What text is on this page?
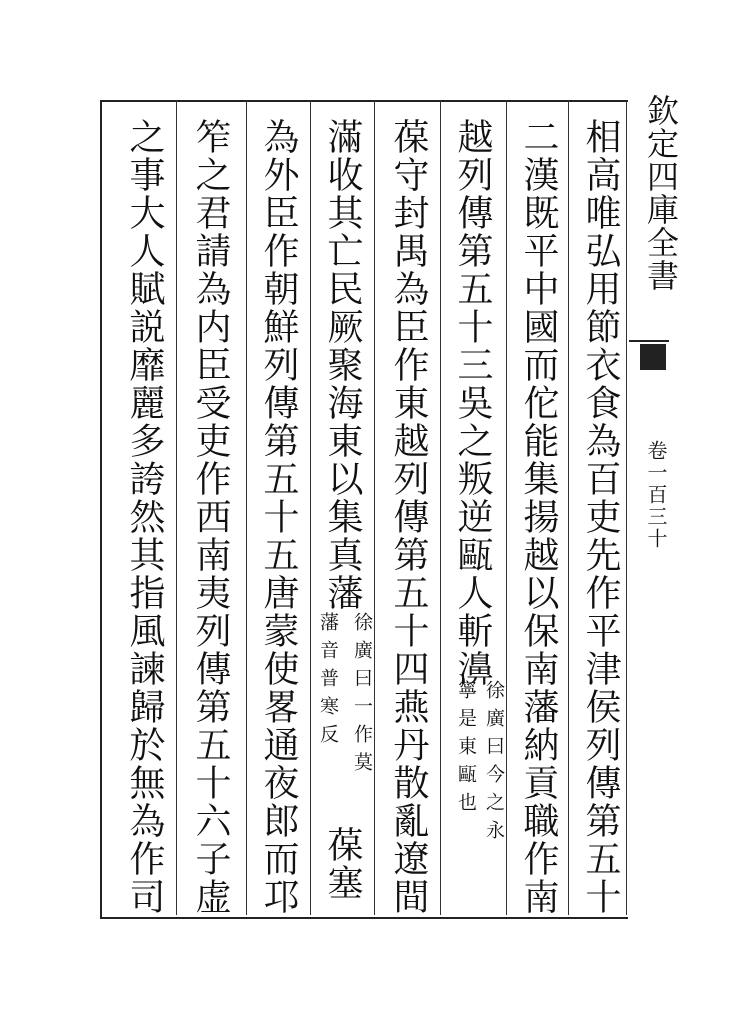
欽定四庫全書
卷一百三十
相高唯弘用節衣食為百吏先作平津侯列傳第五十
二漢既平中國而佗能集揚越以保南藩納貢職作南
越列傳第五十三吳之叛逆甌人斬濞
徐廣曰今之永
寧是東甌也
葆守封禺為臣作東越列傳第五十四燕丹散亂遼間
滿收其亡民厥聚海東以集真藩
徐廣曰一作莫
藩音普寒反
葆塞
為外臣作朝鮮列傳第五十五唐蒙使畧通夜郎而邛
笮之君請為内臣受吏作西南夷列傳第五十六子虚
之事大人賦説靡麗多誇然其指風諫歸於無為作司
